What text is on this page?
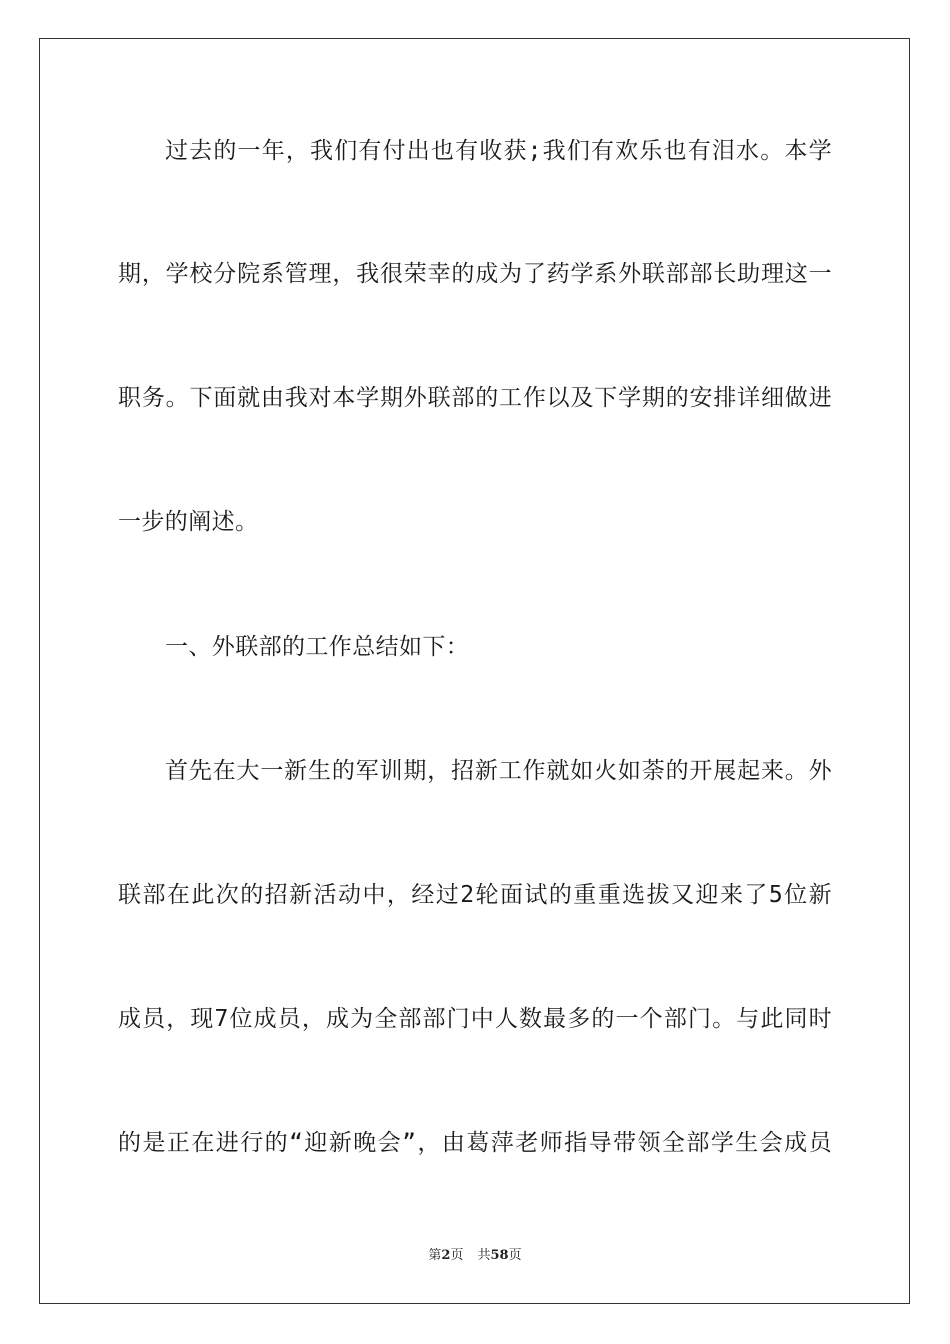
过去的一年，我们有付出也有收获;我们有欢乐也有泪水。本学
期，学校分院系管理，我很荣幸的成为了药学系外联部部长助理这一
职务。下面就由我对本学期外联部的工作以及下学期的安排详细做进
一步的阐述。
一、外联部的工作总结如下：
首先在大一新生的军训期，招新工作就如火如荼的开展起来。外
联部在此次的招新活动中，经过2轮面试的重重选拔又迎来了5位新
成员，现7位成员，成为全部部门中人数最多的一个部门。与此同时
的是正在进行的“迎新晚会”，由葛萍老师指导带领全部学生会成员
第2页 共58页
